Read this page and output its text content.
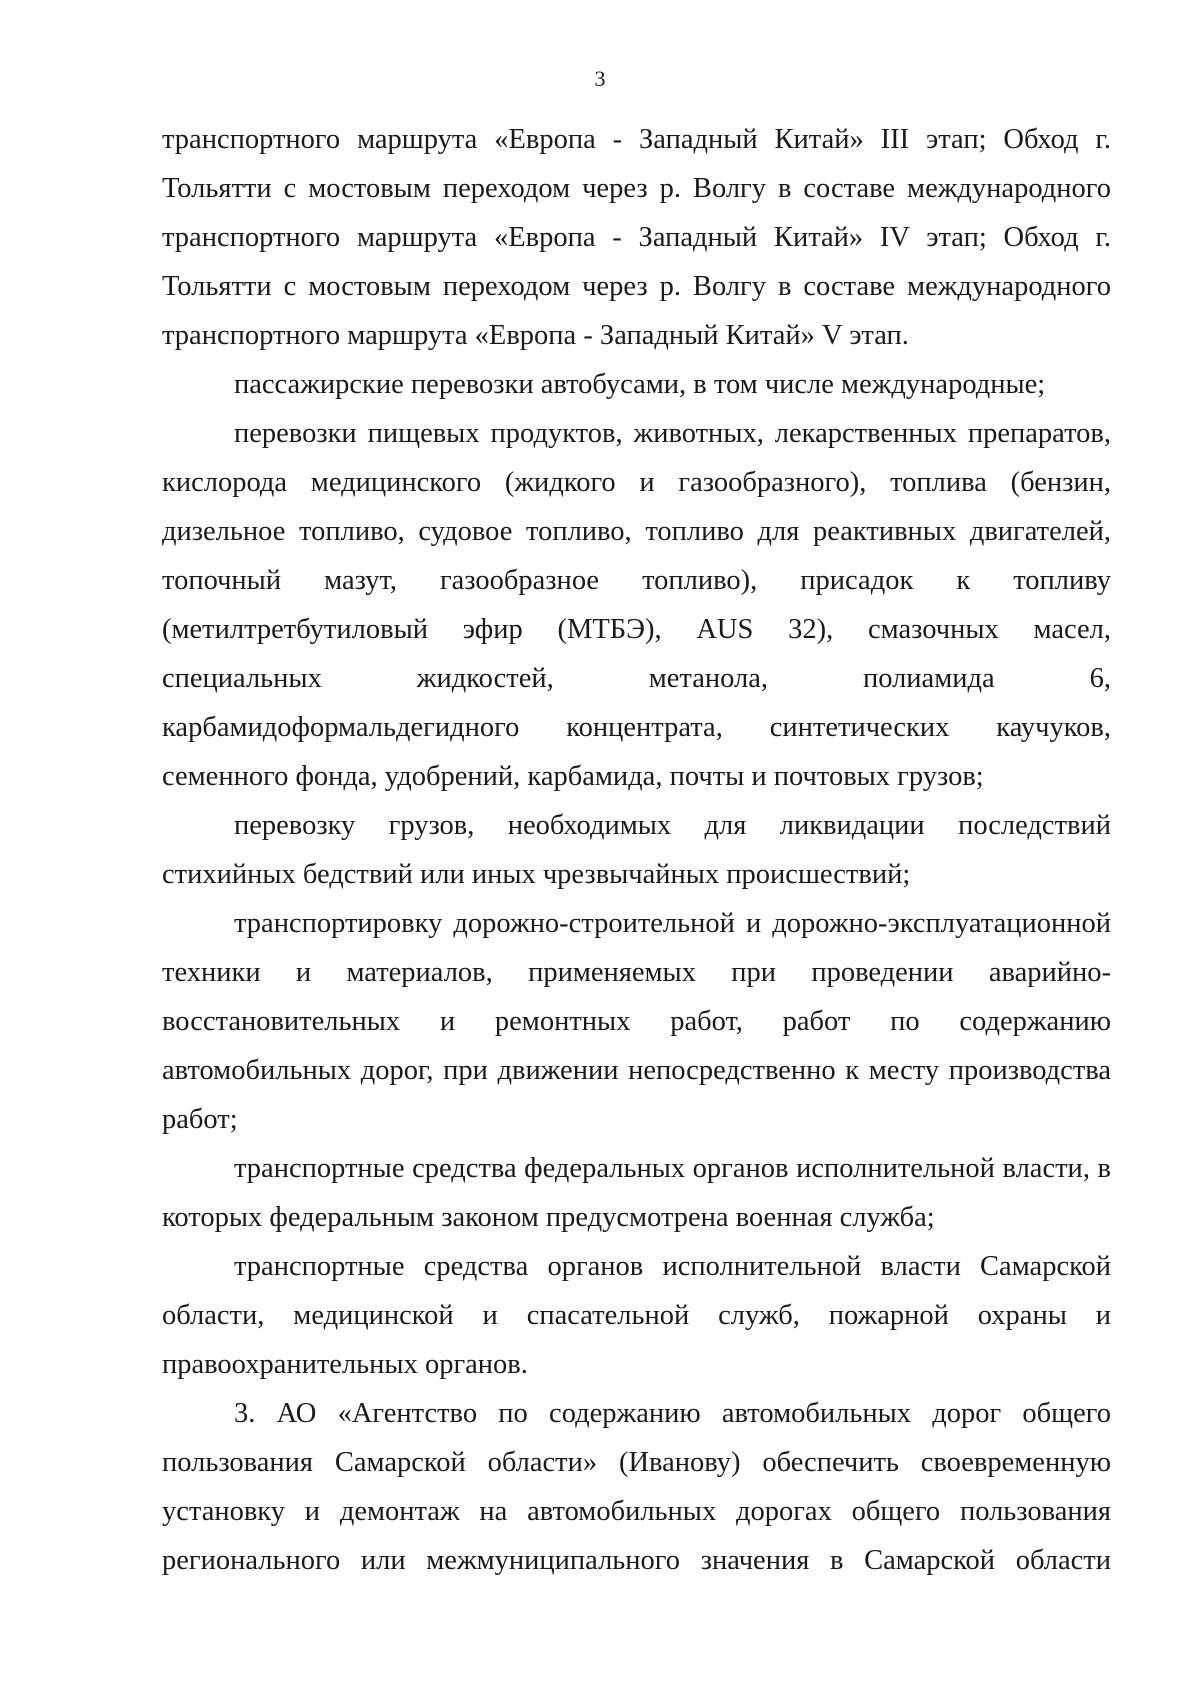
3

транспортного маршрута «Европа - Западный Китай» III этап; Обход г. Тольятти с мостовым переходом через р. Волгу в составе международного транспортного маршрута «Европа - Западный Китай» IV этап; Обход г. Тольятти с мостовым переходом через р. Волгу в составе международного транспортного маршрута «Европа - Западный Китай» V этап.

пассажирские перевозки автобусами, в том числе международные;

перевозки пищевых продуктов, животных, лекарственных препаратов, кислорода медицинского (жидкого и газообразного), топлива (бензин, дизельное топливо, судовое топливо, топливо для реактивных двигателей, топочный мазут, газообразное топливо), присадок к топливу (метилтретбутиловый эфир (МТБЭ), AUS 32), смазочных масел, специальных жидкостей, метанола, полиамида 6, карбамидоформальдегидного концентрата, синтетических каучуков, семенного фонда, удобрений, карбамида, почты и почтовых грузов;

перевозку грузов, необходимых для ликвидации последствий стихийных бедствий или иных чрезвычайных происшествий;

транспортировку дорожно-строительной и дорожно-эксплуатационной техники и материалов, применяемых при проведении аварийно-восстановительных и ремонтных работ, работ по содержанию автомобильных дорог, при движении непосредственно к месту производства работ;

транспортные средства федеральных органов исполнительной власти, в которых федеральным законом предусмотрена военная служба;

транспортные средства органов исполнительной власти Самарской области, медицинской и спасательной служб, пожарной охраны и правоохранительных органов.

3. АО «Агентство по содержанию автомобильных дорог общего пользования Самарской области» (Иванову) обеспечить своевременную установку и демонтаж на автомобильных дорогах общего пользования регионального или межмуниципального значения в Самарской области
